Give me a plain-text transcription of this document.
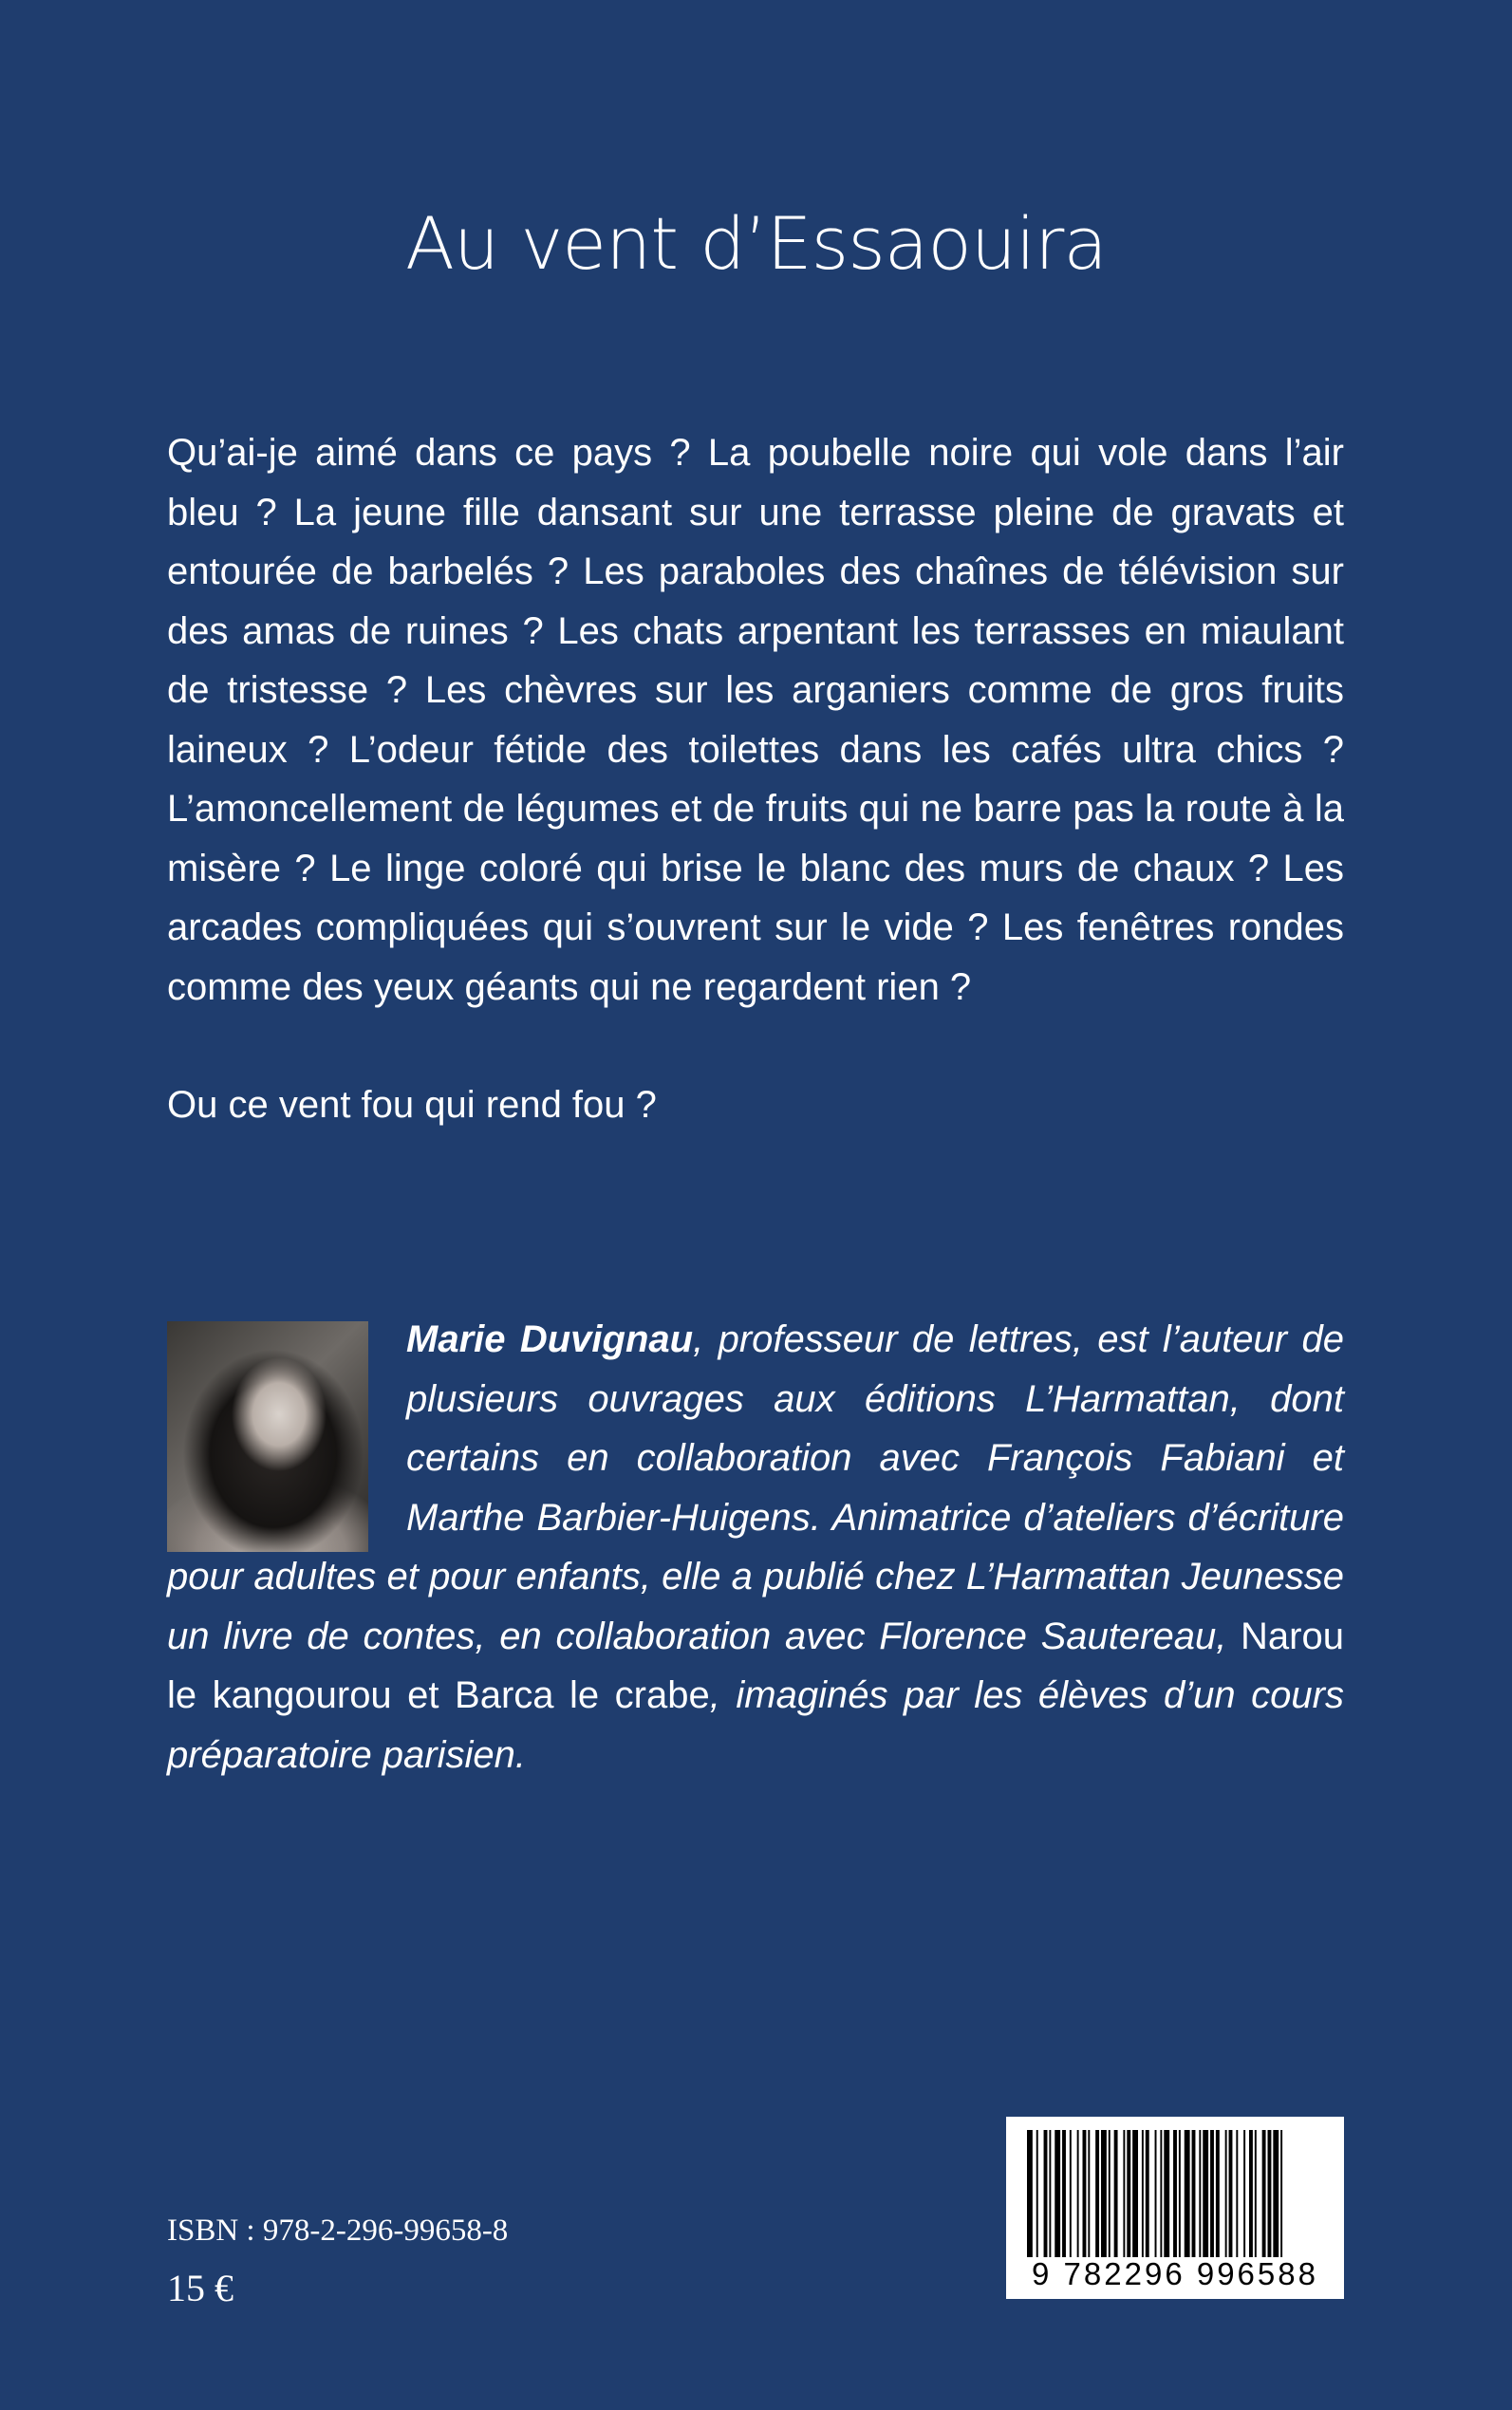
Au vent d’Essaouira

Qu’ai-je aimé dans ce pays ? La poubelle noire qui vole dans l’air bleu ? La jeune fille dansant sur une terrasse pleine de gravats et entourée de barbelés ? Les paraboles des chaînes de télévision sur des amas de ruines ? Les chats arpentant les terrasses en miaulant de tristesse ? Les chèvres sur les arganiers comme de gros fruits laineux ? L’odeur fétide des toilettes dans les cafés ultra chics ? L’amoncellement de légumes et de fruits qui ne barre pas la route à la misère ? Le linge coloré qui brise le blanc des murs de chaux ? Les arcades compliquées qui s’ouvrent sur le vide ? Les fenêtres rondes comme des yeux géants qui ne regardent rien ?

Ou ce vent fou qui rend fou ?

Marie Duvignau, professeur de lettres, est l’auteur de plusieurs ouvrages aux éditions L’Harmattan, dont certains en collaboration avec François Fabiani et Marthe Barbier-Huigens. Animatrice d’ateliers d’écriture pour adultes et pour enfants, elle a publié chez L’Harmattan Jeunesse un livre de contes, en collaboration avec Florence Sautereau, Narou le kangourou et Barca le crabe, imaginés par les élèves d’un cours préparatoire parisien.

ISBN : 978-2-296-99658-8
15 €	9 782296 996588
